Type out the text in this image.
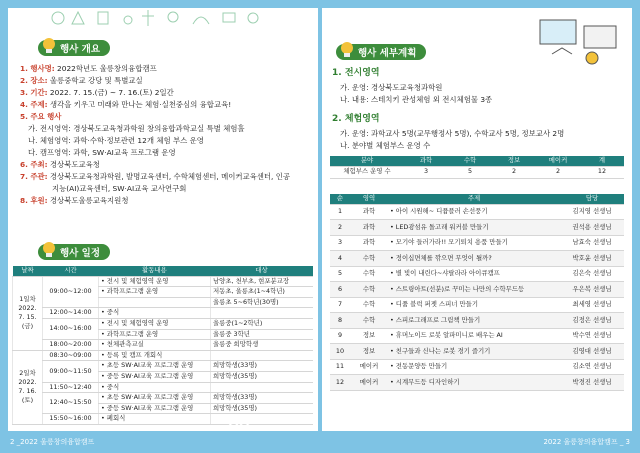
행사 개요
1. 행사명: 2022학년도 울릉창의융합캠프
2. 장소: 울릉중학교 강당 및 특별교실
3. 기간: 2022. 7. 15.(금) ~ 7. 16.(토) 2일간
4. 주제: 생각을 키우고 미래와 만나는 체험·실천중심의 융합교육!
5. 주요 행사
가. 전시영역: 경상북도교육청과학원 창의융합과학교실 특별 체험홀
나. 체험영역: 과학·수학·정보관련 12개 체험 부스 운영
다. 캠프영역: 과학, SW·AI교육 프로그램 운영
6. 주최: 경상북도교육청
7. 주관: 경상북도교육청과학원, 발명교육센터, 수학체험센터, 메이커교육센터, 인공
지능(AI)교육센터, SW·AI교육 교사연구회
8. 후원: 경상북도울릉교육지원청
행사 일정
날짜	시간	활동내용	대상
1일차
2022.
7. 15.
(금)	09:00~12:00	• 전시 및 체험영역 운영	남양초, 천부초, 현포분교장
		• 과학프로그램 운영	저동초, 울릉초(1~4학년)
			울릉초 5~6학년(30명)
	12:00~14:00	• 중식	
	14:00~16:00	• 전시 및 체험영역 운영	울릉중(1~2학년)
		• 과학프로그램 운영	울릉중 3학년
	18:00~20:00	• 천체관측교실	울릉중 희망학생
2일차
2022.
7. 16.
(토)	08:30~09:00	• 등록 및 캠프 개회식	
	09:00~11:50	• 초등 SW·AI교육 프로그램 운영	희망학생(33명)
		• 중등 SW·AI교육 프로그램 운영	희망학생(35명)
	11:50~12:40	• 중식	
	12:40~15:50	• 초등 SW·AI교육 프로그램 운영	희망학생(33명)
		• 중등 SW·AI교육 프로그램 운영	희망학생(35명)
	15:50~16:00	• 폐회식	
행사 세부계획
1. 전시영역
가. 운영: 경상북도교육청과학원
나. 내용: 스테치키 관성체험 외 전시체험물 3종
2. 체험영역
가. 운영: 과학교사 5명(교무행정사 5명), 수학교사 5명, 정보교사 2명
나. 분야별 체험부스 운영 수
분야	과학	수학	정보	메이커	계
체험부스 운영 수	3	5	2	2	12
순	영역	주제	담당
1	과학	• 아이 시원해~ 디퓸플러 손선풍기	김지영 선생님
2	과학	• LED광섬유 돌고래 워커블 만들기	권석용 선생님
3	과학	• 모기야 들러가라!! 모기퇴치 용품 만들기	남효숙 선생님
4	수학	• 정이십면체를 깎으면 무엇이 될까?	박호윤 선생님
5	수학	• 별 빛이 내린다~샤랄라라 아이큐캠프	김은숙 선생님
6	수학	• 스트링아트(선분)로 꾸미는 나만의 수학무드등	우은복 선생님
7	수학	• 디퓸 블럭 퍼젯 스피너 만들기	최세영 선생님
8	수학	• 스피로그래프로 그림책 만들기	김정은 선생님
9	정보	• 휴머노이드 로봇 알파미니로 배우는 AI	박수연 선생님
10	정보	• 친구들과 신나는 로봇 경기 즐기기	김영대 선생님
11	메이커	• 전동문양등 만들기	김소연 선생님
12	메이커	• 시계무드등 디자인하기	박경진 선생님
2 _2022 울릉창의융합캠프	2022 울릉창의융합캠프 _ 3
